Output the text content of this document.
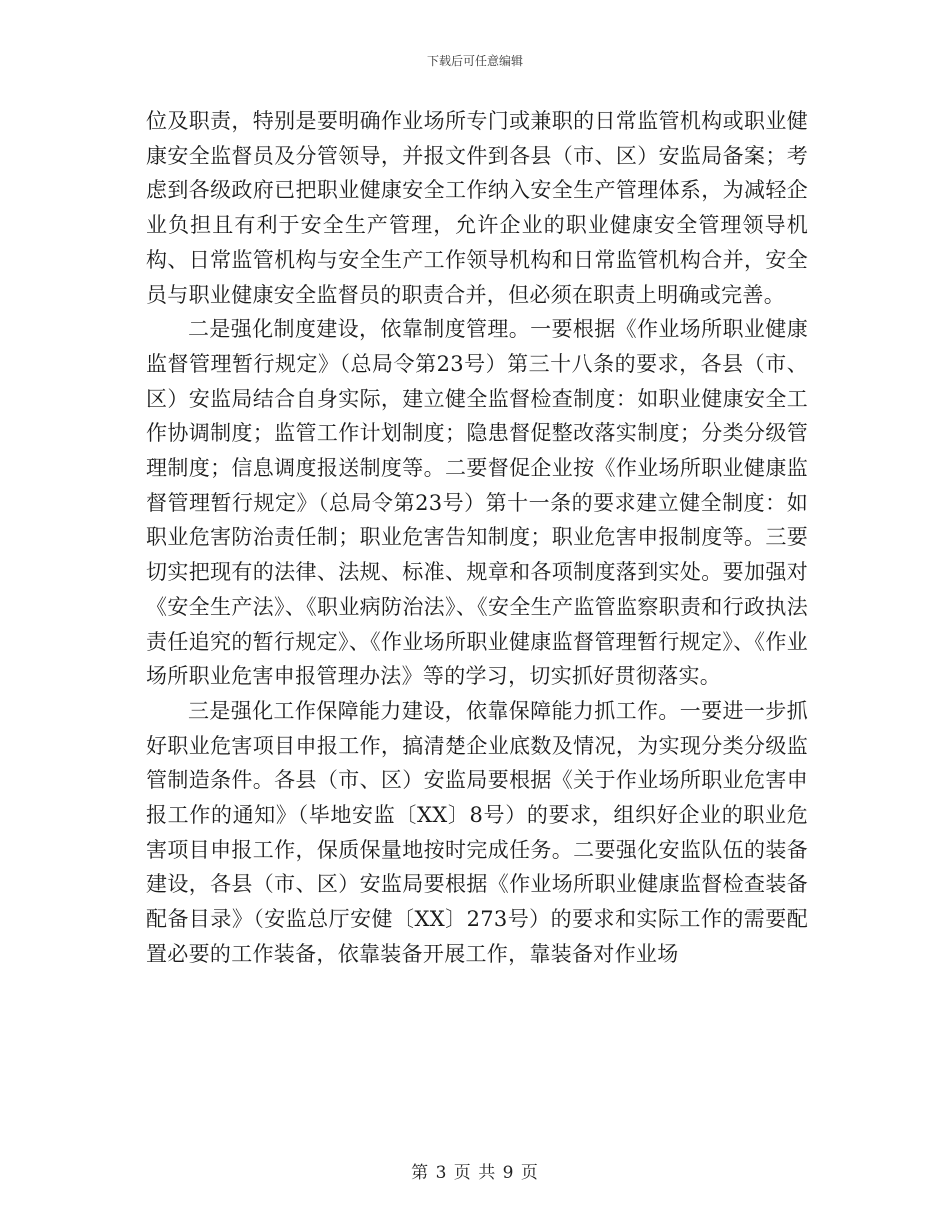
下载后可任意编辑

位及职责，特别是要明确作业场所专门或兼职的日常监管机构或职业健康安全监督员及分管领导，并报文件到各县（市、区）安监局备案；考虑到各级政府已把职业健康安全工作纳入安全生产管理体系，为减轻企业负担且有利于安全生产管理，允许企业的职业健康安全管理领导机构、日常监管机构与安全生产工作领导机构和日常监管机构合并，安全员与职业健康安全监督员的职责合并，但必须在职责上明确或完善。

二是强化制度建设，依靠制度管理。一要根据《作业场所职业健康监督管理暂行规定》（总局令第23号）第三十八条的要求，各县（市、区）安监局结合自身实际，建立健全监督检查制度：如职业健康安全工作协调制度；监管工作计划制度；隐患督促整改落实制度；分类分级管理制度；信息调度报送制度等。二要督促企业按《作业场所职业健康监督管理暂行规定》（总局令第23号）第十一条的要求建立健全制度：如职业危害防治责任制；职业危害告知制度；职业危害申报制度等。三要切实把现有的法律、法规、标准、规章和各项制度落到实处。要加强对《安全生产法》、《职业病防治法》、《安全生产监管监察职责和行政执法责任追究的暂行规定》、《作业场所职业健康监督管理暂行规定》、《作业场所职业危害申报管理办法》等的学习，切实抓好贯彻落实。

三是强化工作保障能力建设，依靠保障能力抓工作。一要进一步抓好职业危害项目申报工作，搞清楚企业底数及情况，为实现分类分级监管制造条件。各县（市、区）安监局要根据《关于作业场所职业危害申报工作的通知》（毕地安监〔XX〕8号）的要求，组织好企业的职业危害项目申报工作，保质保量地按时完成任务。二要强化安监队伍的装备建设，各县（市、区）安监局要根据《作业场所职业健康监督检查装备配备目录》（安监总厅安健〔XX〕273号）的要求和实际工作的需要配置必要的工作装备，依靠装备开展工作，靠装备对作业场

第 3 页 共 9 页
